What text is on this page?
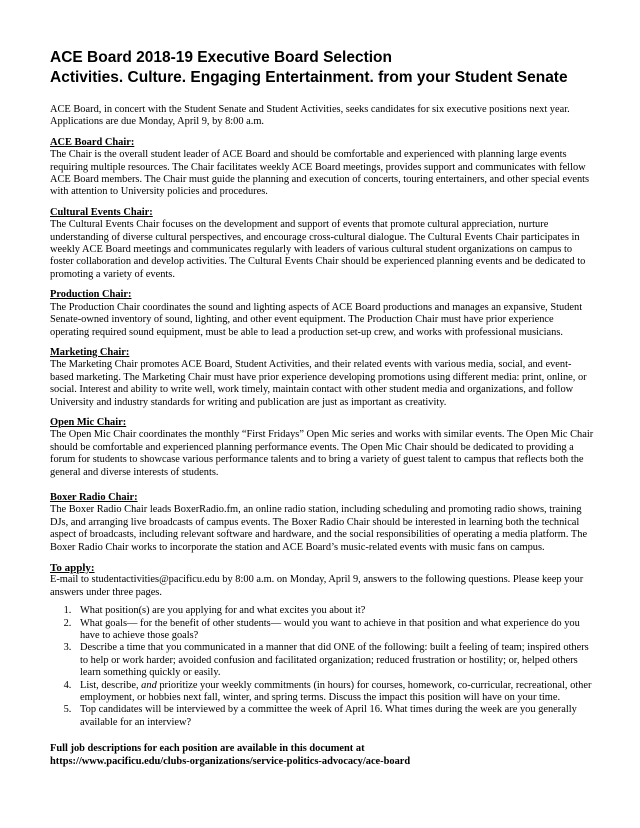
ACE Board 2018-19 Executive Board Selection
Activities. Culture. Engaging Entertainment. from your Student Senate

ACE Board, in concert with the Student Senate and Student Activities, seeks candidates for six executive positions next year. Applications are due Monday, April 9, by 8:00 a.m.

ACE Board Chair:

The Chair is the overall student leader of ACE Board and should be comfortable and experienced with planning large events requiring multiple resources. The Chair facilitates weekly ACE Board meetings, provides support and communicates with fellow ACE Board members. The Chair must guide the planning and execution of concerts, touring entertainers, and other special events with attention to University policies and procedures.

Cultural Events Chair:

The Cultural Events Chair focuses on the development and support of events that promote cultural appreciation, nurture understanding of diverse cultural perspectives, and encourage cross-cultural dialogue. The Cultural Events Chair participates in weekly ACE Board meetings and communicates regularly with leaders of various cultural student organizations on campus to foster collaboration and develop activities. The Cultural Events Chair should be experienced planning events and be dedicated to promoting a variety of events.

Production Chair:

The Production Chair coordinates the sound and lighting aspects of ACE Board productions and manages an expansive, Student Senate-owned inventory of sound, lighting, and other event equipment. The Production Chair must have prior experience operating required sound equipment, must be able to lead a production set-up crew, and works with professional musicians.

Marketing Chair:

The Marketing Chair promotes ACE Board, Student Activities, and their related events with various media, social, and event-based marketing. The Marketing Chair must have prior experience developing promotions using different media: print, online, or social. Interest and ability to write well, work timely, maintain contact with other student media and organizations, and follow University and industry standards for writing and publication are just as important as creativity.

Open Mic Chair:

The Open Mic Chair coordinates the monthly “First Fridays” Open Mic series and works with similar events. The Open Mic Chair should be comfortable and experienced planning performance events. The Open Mic Chair should be dedicated to providing a forum for students to showcase various performance talents and to bring a variety of guest talent to campus that reflects both the general and diverse interests of students.

Boxer Radio Chair:

The Boxer Radio Chair leads BoxerRadio.fm, an online radio station, including scheduling and promoting radio shows, training DJs, and arranging live broadcasts of campus events. The Boxer Radio Chair should be interested in learning both the technical aspect of broadcasts, including relevant software and hardware, and the social responsibilities of operating a media platform. The Boxer Radio Chair works to incorporate the station and ACE Board’s music-related events with music fans on campus.

To apply:

E-mail to studentactivities@pacificu.edu by 8:00 a.m. on Monday, April 9, answers to the following questions. Please keep your answers under three pages.

1. What position(s) are you applying for and what excites you about it?
2. What goals— for the benefit of other students— would you want to achieve in that position and what experience do you have to achieve those goals?
3. Describe a time that you communicated in a manner that did ONE of the following: built a feeling of team; inspired others to help or work harder; avoided confusion and facilitated organization; reduced frustration or hostility; or, helped others learn something quickly or easily.
4. List, describe, and prioritize your weekly commitments (in hours) for courses, homework, co-curricular, recreational, other employment, or hobbies next fall, winter, and spring terms. Discuss the impact this position will have on your time.
5. Top candidates will be interviewed by a committee the week of April 16. What times during the week are you generally available for an interview?

Full job descriptions for each position are available in this document at
https://www.pacificu.edu/clubs-organizations/service-politics-advocacy/ace-board
